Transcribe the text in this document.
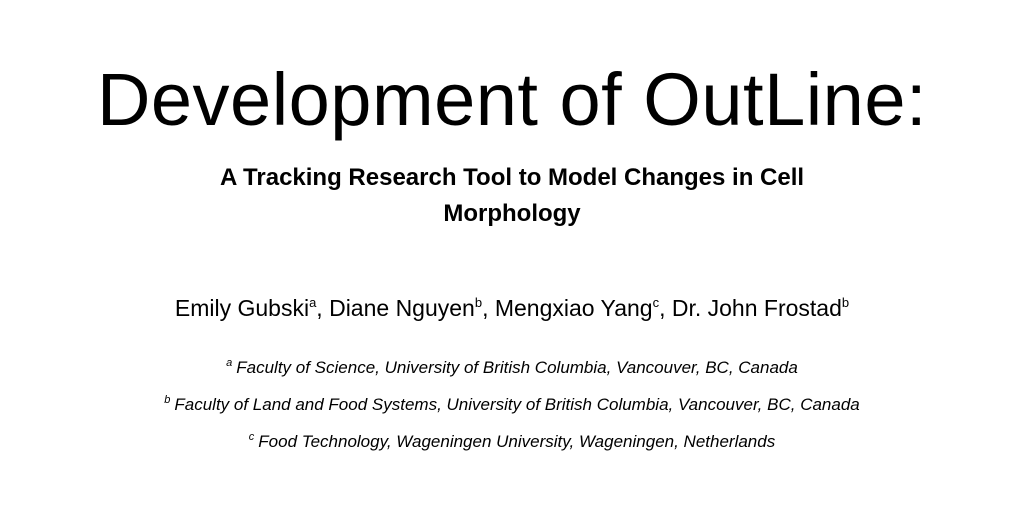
Development of OutLine:
A Tracking Research Tool to Model Changes in Cell Morphology
Emily Gubski$^a$, Diane Nguyen$^b$, Mengxiao Yang$^c$, Dr. John Frostad$^b$
$^a$ Faculty of Science, University of British Columbia, Vancouver, BC, Canada
$^b$ Faculty of Land and Food Systems, University of British Columbia, Vancouver, BC, Canada
$^c$ Food Technology, Wageningen University, Wageningen, Netherlands
